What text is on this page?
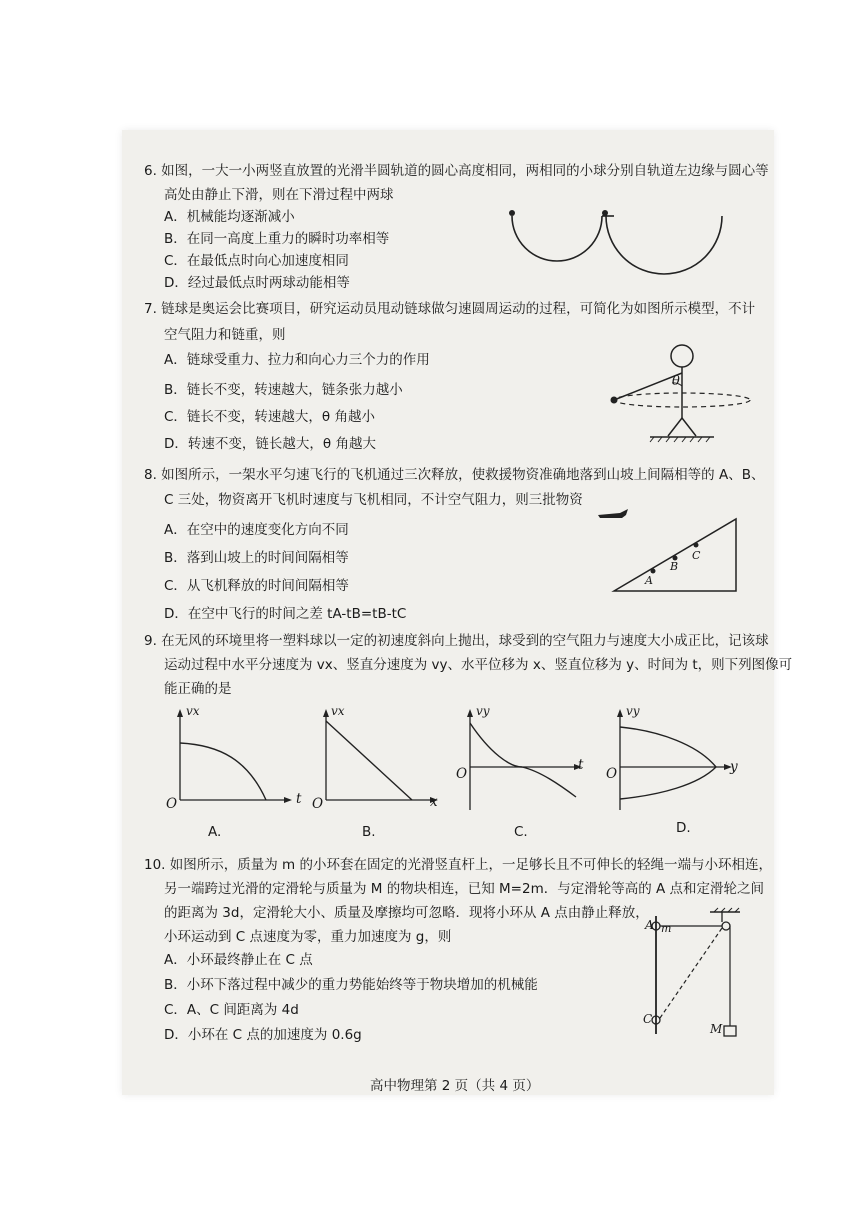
6. 如图，一大一小两竖直放置的光滑半圆轨道的圆心高度相同，两相同的小球分别自轨道左边缘与圆心等
高处由静止下滑，则在下滑过程中两球
A．机械能均逐渐减小
B．在同一高度上重力的瞬时功率相等
C．在最低点时向心加速度相同
D．经过最低点时两球动能相等
7. 链球是奥运会比赛项目，研究运动员甩动链球做匀速圆周运动的过程，可简化为如图所示模型，不计
空气阻力和链重，则
A．链球受重力、拉力和向心力三个力的作用
B．链长不变，转速越大，链条张力越小
C．链长不变，转速越大，θ 角越小
D．转速不变，链长越大，θ 角越大
θ
8. 如图所示，一架水平匀速飞行的飞机通过三次释放，使救援物资准确地落到山坡上间隔相等的 A、B、
C 三处，物资离开飞机时速度与飞机相同，不计空气阻力，则三批物资
A．在空中的速度变化方向不同
B．落到山坡上的时间间隔相等
C．从飞机释放的时间间隔相等
D．在空中飞行的时间之差 tA-tB=tB-tC
A
B
C
9. 在无风的环境里将一塑料球以一定的初速度斜向上抛出，球受到的空气阻力与速度大小成正比，记该球
运动过程中水平分速度为 vx、竖直分速度为 vy、水平位移为 x、竖直位移为 y、时间为 t，则下列图像可
能正确的是
vx
t
O
A.
vx
x
O
B.
vy
t
O
C.
vy
y
O
D.
10. 如图所示，质量为 m 的小环套在固定的光滑竖直杆上，一足够长且不可伸长的轻绳一端与小环相连，
另一端跨过光滑的定滑轮与质量为 M 的物块相连，已知 M=2m．与定滑轮等高的 A 点和定滑轮之间
的距离为 3d，定滑轮大小、质量及摩擦均可忽略．现将小环从 A 点由静止释放，
小环运动到 C 点速度为零，重力加速度为 g，则
A．小环最终静止在 C 点
B．小环下落过程中减少的重力势能始终等于物块增加的机械能
C．A、C 间距离为 4d
D．小环在 C 点的加速度为 0.6g
A m
C
M
高中物理第 2 页（共 4 页）
